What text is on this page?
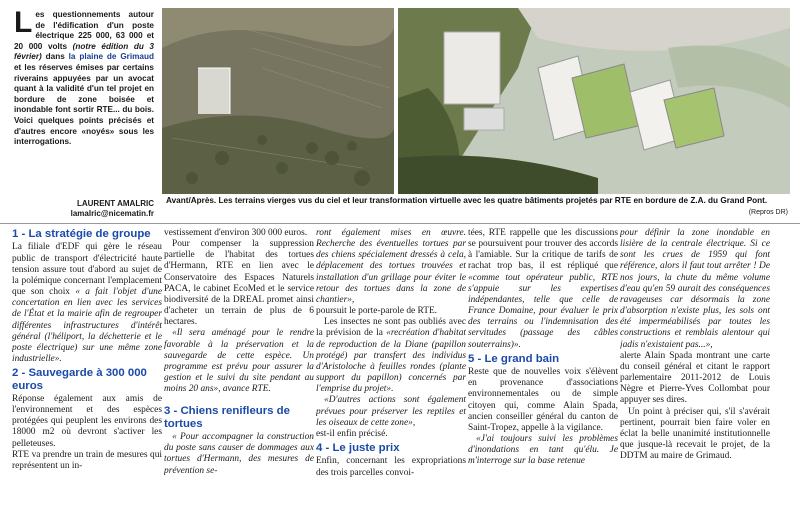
L es questionnements autour de l'édification d'un poste électrique 225 000, 63 000 et 20 000 volts (notre édition du 3 février) dans la plaine de Grimaud et les réserves émises par certains riverains appuyées par un avocat quant à la validité d'un tel projet en bordure de zone boisée et inondable font sortir RTE... du bois. Voici quelques points précisés et d'autres encore «noyés» sous les interrogations.
LAURENT AMALRIC
lamalric@nicematin.fr
Avant/Après. Les terrains vierges vus du ciel et leur transformation virtuelle avec les quatre bâtiments projetés par RTE en bordure de Z.A. du Grand Pont.
(Repros DR)
1 - La stratégie de groupe

La filiale d'EDF qui gère le réseau public de transport d'électricité haute tension assure tout d'abord au sujet de la polémique concernant l'emplacement que son choix « a fait l'objet d'une concertation en lien avec les services de l'État et la mairie afin de regrouper différentes infrastructures d'intérêt général (l'héliport, la déchetterie et le poste électrique) sur une même zone industrielle».

2 - Sauvegarde à 300 000 euros

Réponse également aux amis de l'environnement et des espèces protégées qui peuplent les environs des 18000 m2 où devront s'activer les pelleteuses.

RTE va prendre un train de mesures qui représentent un in-

vestissement d'environ 300 000 euros.

Pour compenser la suppression partielle de l'habitat des tortues d'Hermann, RTE en lien avec le Conservatoire des Espaces Naturels PACA, le cabinet EcoMed et le service biodiversité de la DREAL promet ainsi d'acheter un terrain de plus de 6 hectares.

«Il sera aménagé pour le rendre favorable à la préservation et la sauvegarde de cette espèce. Un programme est prévu pour assurer la gestion et le suivi du site pendant au moins 20 ans», avance RTE.

3 - Chiens renifleurs de tortues

« Pour accompagner la construction du poste sans causer de dommages aux tortues d'Hermann, des mesures de prévention se-

ront également mises en œuvre. Recherche des éventuelles tortues par des chiens spécialement dressés à cela, déplacement des tortues trouvées et installation d'un grillage pour éviter le retour des tortues dans la zone de chantier»,

poursuit le porte-parole de RTE.

Les insectes ne sont pas oubliés avec la prévision de la «recréation d'habitat de reproduction de la Diane (papillon protégé) par transfert des individus d'Aristoloche à feuilles rondes (plante support du papillon) concernés par l'emprise du projet».

«D'autres actions sont également prévues pour préserver les reptiles et les oiseaux de cette zone»,

est-il enfin précisé.

4 - Le juste prix

Enfin, concernant les expropriations des trois parcelles convoi-

tées, RTE rappelle que les discussions se poursuivent pour trouver des accords à l'amiable. Sur la critique de tarifs de rachat trop bas, il est répliqué que «comme tout opérateur public, RTE s'appuie sur les expertises indépendantes, telle que celle de France Domaine, pour évaluer le prix des terrains ou l'indemnisation des servitudes (passage des câbles souterrains)».

5 - Le grand bain

Reste que de nouvelles voix s'élèvent en provenance d'associations environnementales ou de simple citoyen qui, comme Alain Spada, ancien conseiller général du canton de Saint-Tropez, appelle à la vigilance.

«J'ai toujours suivi les problèmes d'inondations en tant qu'élu. Je m'interroge sur la base retenue

pour définir la zone inondable en lisière de la centrale électrique. Si ce sont les crues de 1959 qui font référence, alors il faut tout arrêter ! De nos jours, la chute du même volume d'eau qu'en 59 aurait des conséquences ravageuses car désormais la zone d'absorption n'existe plus, les sols ont été imperméabilisés par toutes les constructions et remblais alentour qui jadis n'existaient pas...»,

alerte Alain Spada montrant une carte du conseil général et citant le rapport parlementaire 2011-2012 de Louis Nègre et Pierre-Yves Collombat pour appuyer ses dires.

Un point à préciser qui, s'il s'avérait pertinent, pourrait bien faire voler en éclat la belle unanimité institutionnelle que jusque-là recevait le projet, de la DDTM au maire de Grimaud.
